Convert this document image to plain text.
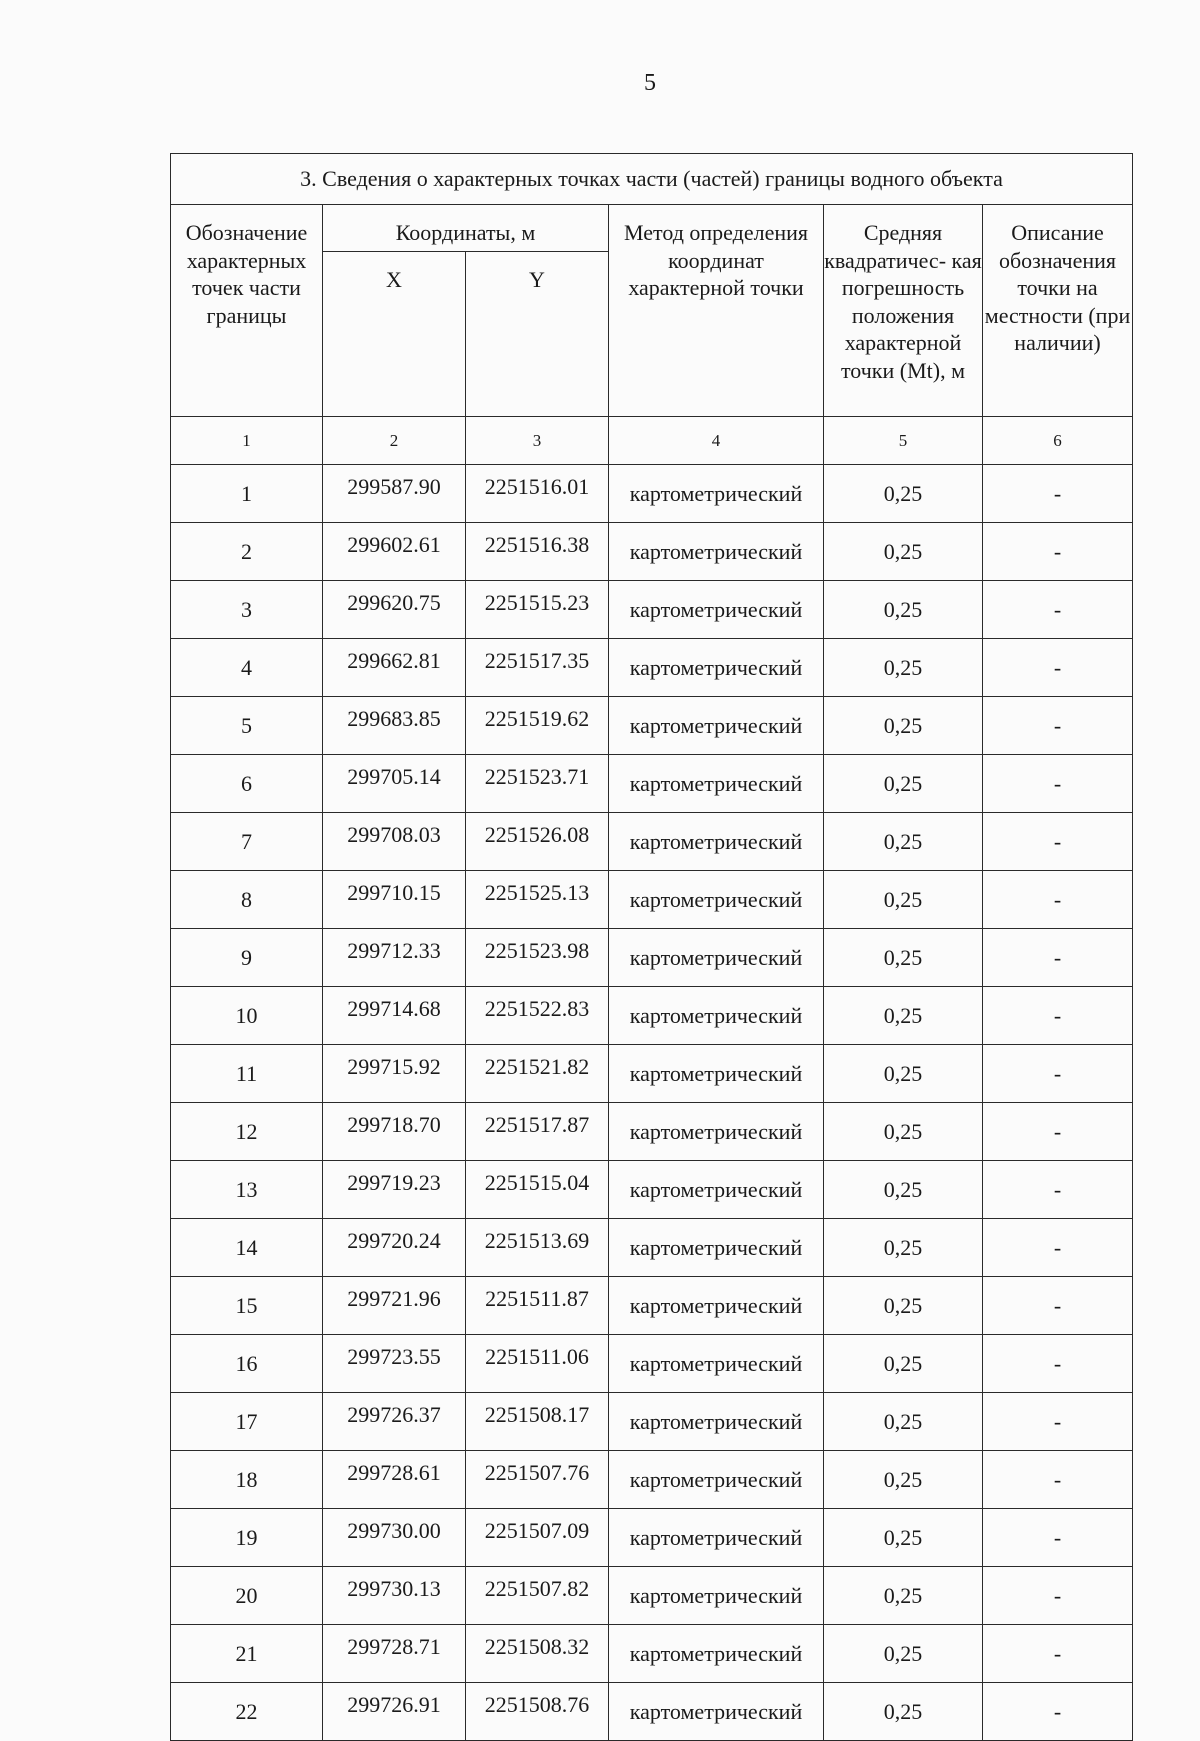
5
3. Сведения о характерных точках части (частей) границы водного объекта					
Обозначение характерных точек части границы	Координаты, м		Метод определения координат характерной точки	Средняя квадратичес- кая погрешность положения характерной точки (Mt), м	Описание обозначения точки на местности (при наличии)
	X	Y			
1	2	3	4	5	6
1	299587.90	2251516.01	картометрический	0,25	-
2	299602.61	2251516.38	картометрический	0,25	-
3	299620.75	2251515.23	картометрический	0,25	-
4	299662.81	2251517.35	картометрический	0,25	-
5	299683.85	2251519.62	картометрический	0,25	-
6	299705.14	2251523.71	картометрический	0,25	-
7	299708.03	2251526.08	картометрический	0,25	-
8	299710.15	2251525.13	картометрический	0,25	-
9	299712.33	2251523.98	картометрический	0,25	-
10	299714.68	2251522.83	картометрический	0,25	-
11	299715.92	2251521.82	картометрический	0,25	-
12	299718.70	2251517.87	картометрический	0,25	-
13	299719.23	2251515.04	картометрический	0,25	-
14	299720.24	2251513.69	картометрический	0,25	-
15	299721.96	2251511.87	картометрический	0,25	-
16	299723.55	2251511.06	картометрический	0,25	-
17	299726.37	2251508.17	картометрический	0,25	-
18	299728.61	2251507.76	картометрический	0,25	-
19	299730.00	2251507.09	картометрический	0,25	-
20	299730.13	2251507.82	картометрический	0,25	-
21	299728.71	2251508.32	картометрический	0,25	-
22	299726.91	2251508.76	картометрический	0,25	-
